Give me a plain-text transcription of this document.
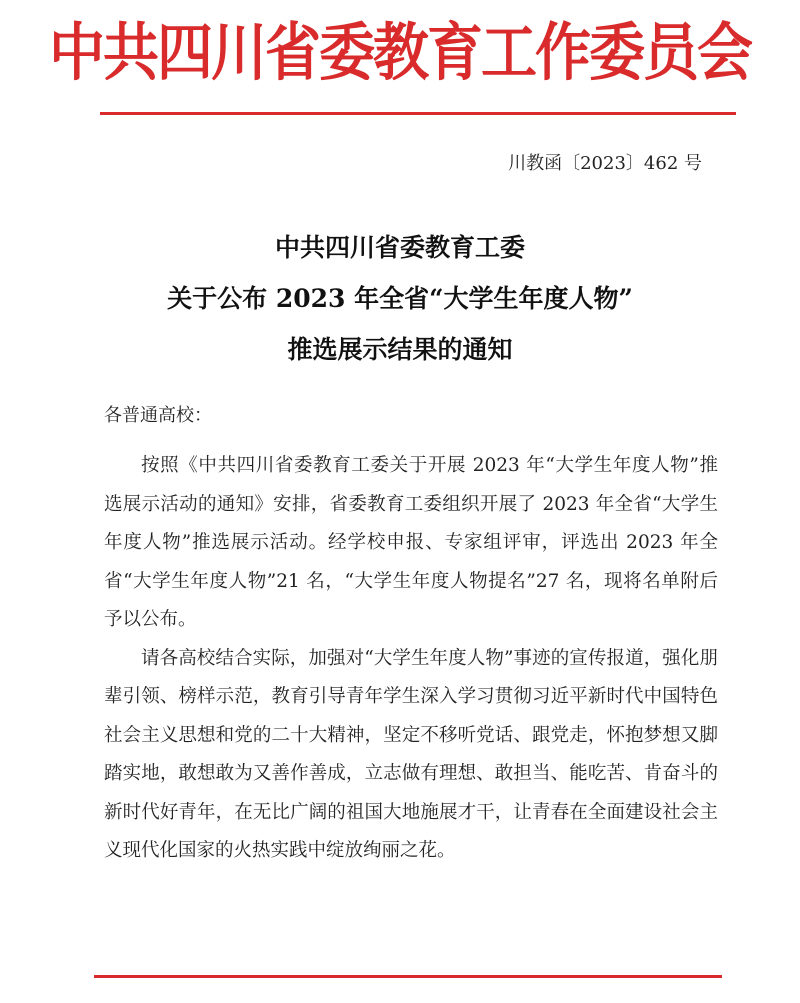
中共四川省委教育工作委员会
川教函〔2023〕462 号
中共四川省委教育工委
关于公布 2023 年全省“大学生年度人物”
推选展示结果的通知
各普通高校：

按照《中共四川省委教育工委关于开展 2023 年“大学生年度人物”推选展示活动的通知》安排，省委教育工委组织开展了 2023 年全省“大学生年度人物”推选展示活动。经学校申报、专家组评审，评选出 2023 年全省“大学生年度人物”21 名，“大学生年度人物提名”27 名，现将名单附后予以公布。

请各高校结合实际，加强对“大学生年度人物”事迹的宣传报道，强化朋辈引领、榜样示范，教育引导青年学生深入学习贯彻习近平新时代中国特色社会主义思想和党的二十大精神，坚定不移听党话、跟党走，怀抱梦想又脚踏实地，敢想敢为又善作善成，立志做有理想、敢担当、能吃苦、肯奋斗的新时代好青年，在无比广阔的祖国大地施展才干，让青春在全面建设社会主义现代化国家的火热实践中绽放绚丽之花。
